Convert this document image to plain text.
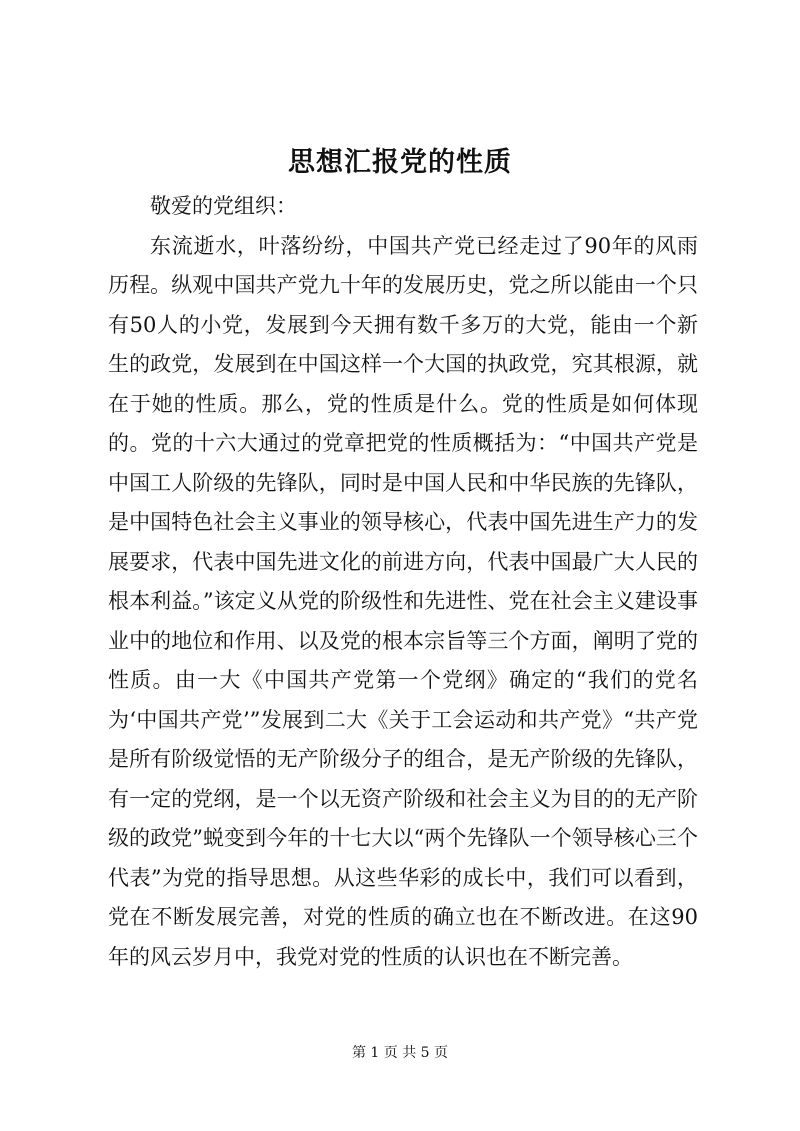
思想汇报党的性质

敬爱的党组织：

东流逝水，叶落纷纷，中国共产党已经走过了90年的风雨历程。纵观中国共产党九十年的发展历史，党之所以能由一个只有50人的小党，发展到今天拥有数千多万的大党，能由一个新生的政党，发展到在中国这样一个大国的执政党，究其根源，就在于她的性质。那么，党的性质是什么。党的性质是如何体现的。党的十六大通过的党章把党的性质概括为：“中国共产党是中国工人阶级的先锋队，同时是中国人民和中华民族的先锋队，是中国特色社会主义事业的领导核心，代表中国先进生产力的发展要求，代表中国先进文化的前进方向，代表中国最广大人民的根本利益。”该定义从党的阶级性和先进性、党在社会主义建设事业中的地位和作用、以及党的根本宗旨等三个方面，阐明了党的性质。由一大《中国共产党第一个党纲》确定的“我们的党名为‘中国共产党’”发展到二大《关于工会运动和共产党》“共产党是所有阶级觉悟的无产阶级分子的组合，是无产阶级的先锋队，有一定的党纲，是一个以无资产阶级和社会主义为目的的无产阶级的政党”蜕变到今年的十七大以“两个先锋队一个领导核心三个代表”为党的指导思想。从这些华彩的成长中，我们可以看到，党在不断发展完善，对党的性质的确立也在不断改进。在这90年的风云岁月中，我党对党的性质的认识也在不断完善。

第 1 页 共 5 页
